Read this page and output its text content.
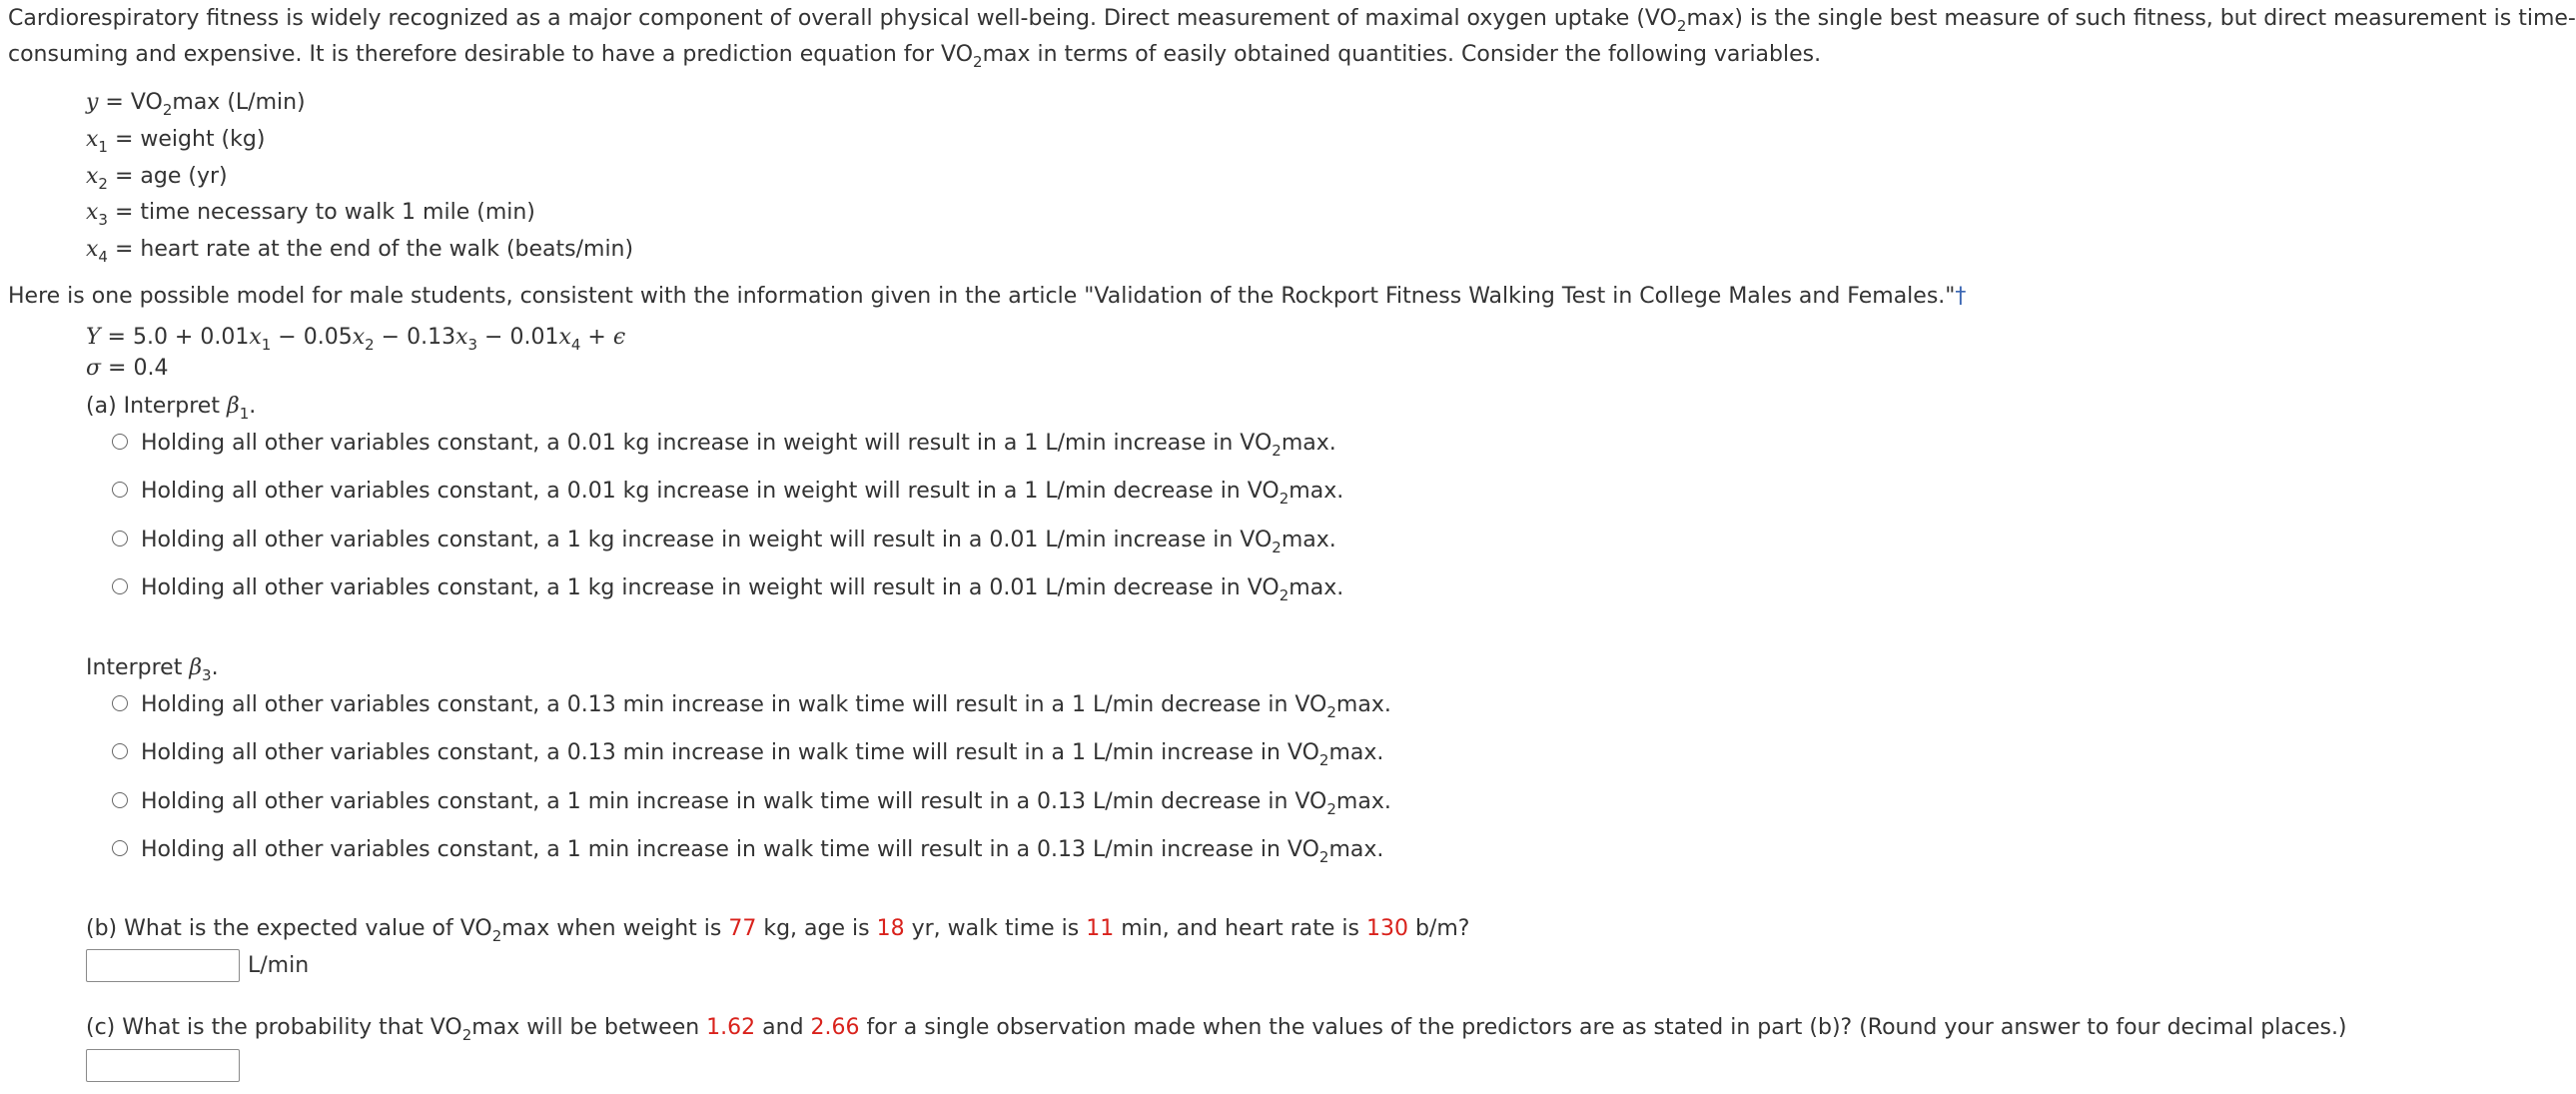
Cardiorespiratory fitness is widely recognized as a major component of overall physical well-being. Direct measurement of maximal oxygen uptake $(VO_2\max)$ is the single best measure of such fitness, but direct measurement is time-
consuming and expensive. It is therefore desirable to have a prediction equation for $VO_2\max$ in terms of easily obtained quantities. Consider the following variables.
$y = VO_2\max$ (L/min)
$x_1$ = weight (kg)
$x_2$ = age (yr)
$x_3$ = time necessary to walk 1 mile (min)
$x_4$ = heart rate at the end of the walk (beats/min)
Here is one possible model for male students, consistent with the information given in the article "Validation of the Rockport Fitness Walking Test in College Males and Females."†
$Y = 5.0 + 0.01x_1 - 0.05x_2 - 0.13x_3 - 0.01x_4 + \epsilon$
σ = 0.4
(a) Interpret $\beta_1$.
Holding all other variables constant, a 0.01 kg increase in weight will result in a 1 L/min increase in $VO_2\max$.
Holding all other variables constant, a 0.01 kg increase in weight will result in a 1 L/min decrease in $VO_2\max$.
Holding all other variables constant, a 1 kg increase in weight will result in a 0.01 L/min increase in $VO_2\max$.
Holding all other variables constant, a 1 kg increase in weight will result in a 0.01 L/min decrease in $VO_2\max$.
Interpret $\beta_3$.
Holding all other variables constant, a 0.13 min increase in walk time will result in a 1 L/min decrease in $VO_2\max$.
Holding all other variables constant, a 0.13 min increase in walk time will result in a 1 L/min increase in $VO_2\max$.
Holding all other variables constant, a 1 min increase in walk time will result in a 0.13 L/min decrease in $VO_2\max$.
Holding all other variables constant, a 1 min increase in walk time will result in a 0.13 L/min increase in $VO_2\max$.
(b) What is the expected value of $VO_2\max$ when weight is 77 kg, age is 18 yr, walk time is 11 min, and heart rate is 130 b/m?
L/min
(c) What is the probability that $VO_2\max$ will be between 1.62 and 2.66 for a single observation made when the values of the predictors are as stated in part (b)? (Round your answer to four decimal places.)
